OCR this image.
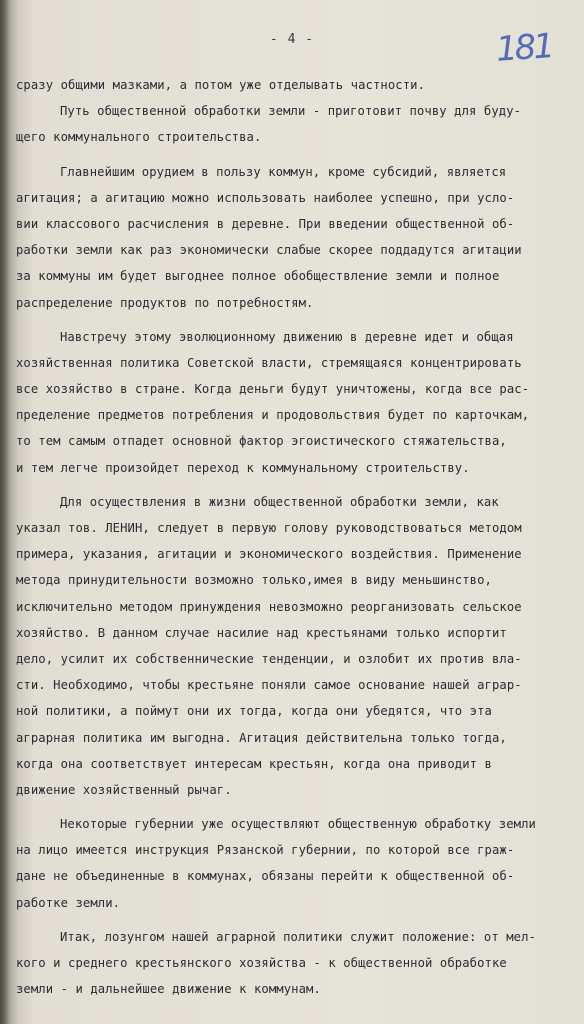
- 4 -	181
сразу общими мазками, а потом уже отделывать частности.
Путь общественной обработки земли - приготовит почву для буду-
щего коммунального строительства.
Главнейшим орудием в пользу коммун, кроме субсидий, является
агитация; а агитацию можно использовать наиболее успешно, при усло-
вии классового расчисления в деревне. При введении общественной об-
работки земли как раз экономически слабые скорее поддадутся агитации
за коммуны им будет выгоднее полное обобществление земли и полное
распределение продуктов по потребностям.
Навстречу этому эволюционному движению в деревне идет и общая
хозяйственная политика Советской власти, стремящаяся концентрировать
все хозяйство в стране. Когда деньги будут уничтожены, когда все рас-
пределение предметов потребления и продовольствия будет по карточкам,
то тем самым отпадет основной фактор эгоистического стяжательства,
и тем легче произойдет переход к коммунальному строительству.
Для осуществления в жизни общественной обработки земли, как
указал тов. ЛЕНИН, следует в первую голову руководствоваться методом
примера, указания, агитации и экономического воздействия. Применение
метода принудительности возможно только,имея в виду меньшинство,
исключительно методом принуждения невозможно реорганизовать сельское
хозяйство. В данном случае насилие над крестьянами только испортит
дело, усилит их собственнические тенденции, и озлобит их против вла-
сти. Необходимо, чтобы крестьяне поняли самое основание нашей аграр-
ной политики, а поймут они их тогда, когда они убедятся, что эта
аграрная политика им выгодна. Агитация действительна только тогда,
когда она соответствует интересам крестьян, когда она приводит в
движение хозяйственный рычаг.
Некоторые губернии уже осуществляют общественную обработку земли
на лицо имеется инструкция Рязанской губернии, по которой все граж-
дане не объединенные в коммунах, обязаны перейти к общественной об-
работке земли.
Итак, лозунгом нашей аграрной политики служит положение: от мел-
кого и среднего крестьянского хозяйства - к общественной обработке
земли - и дальнейшее движение к коммунам.
